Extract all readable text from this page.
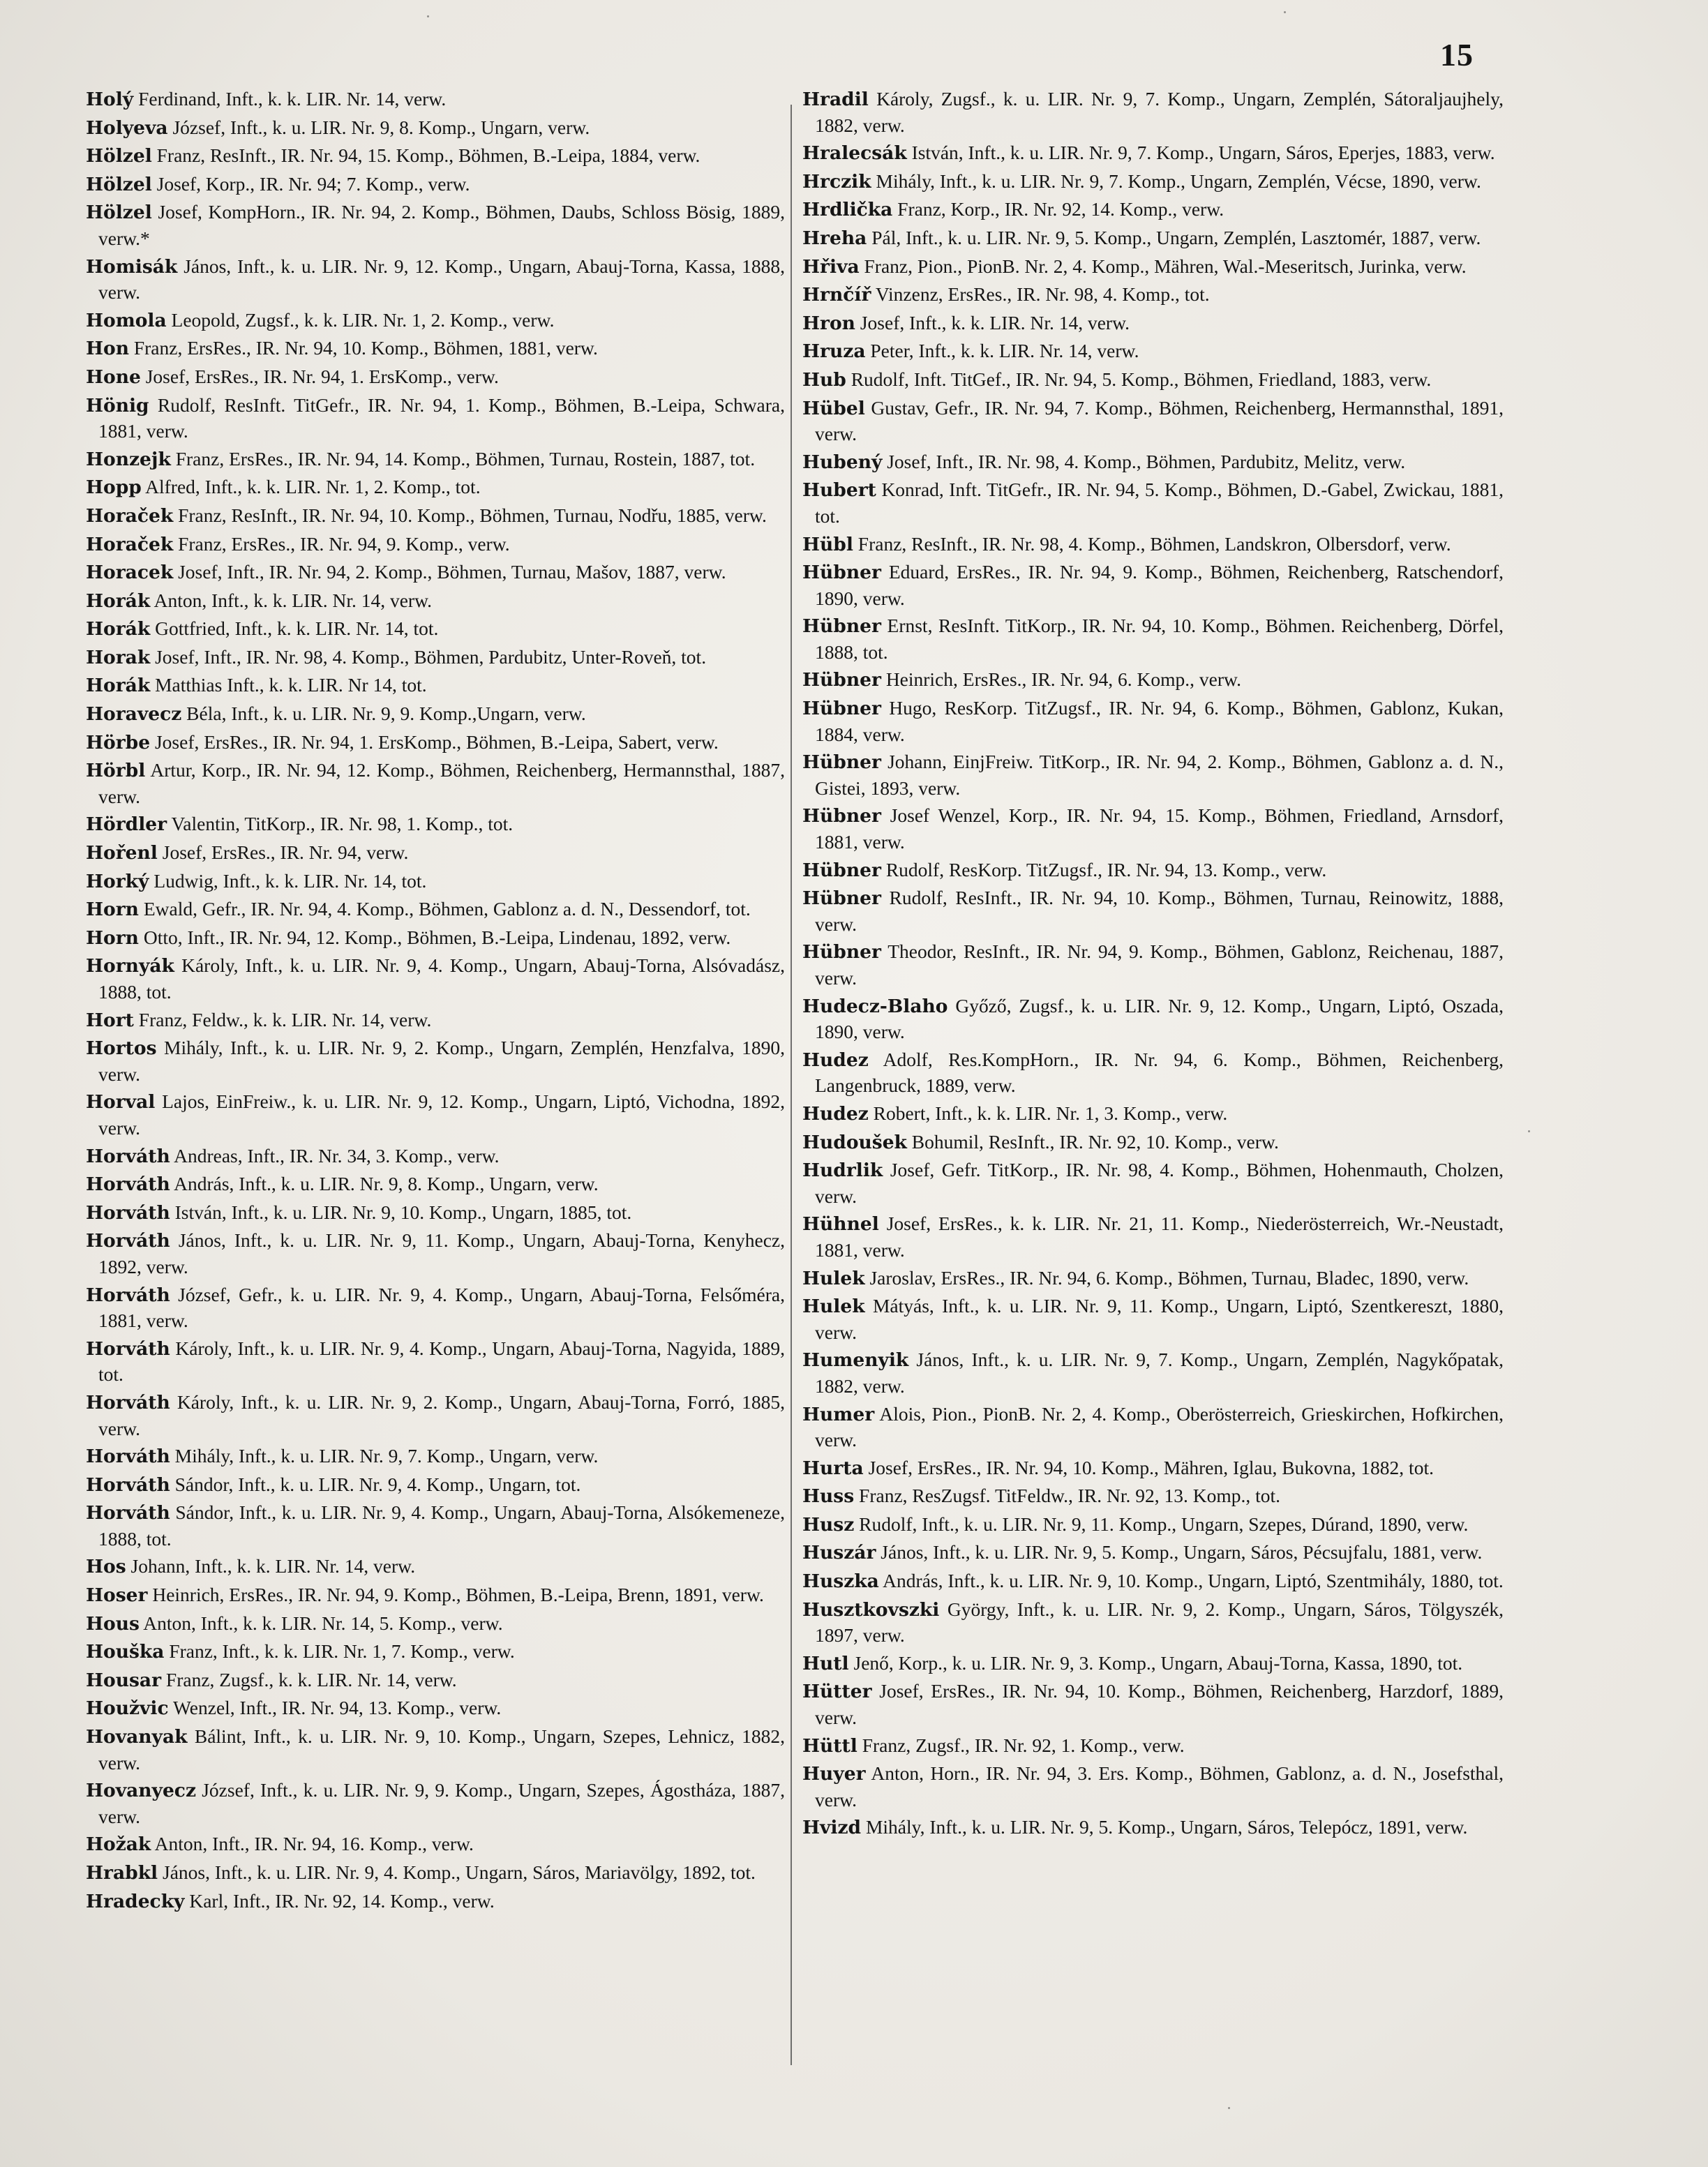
15
Holý Ferdinand, Inft., k. k. LIR. Nr. 14, verw.
Holyeva József, Inft., k. u. LIR. Nr. 9, 8. Komp., Ungarn, verw.
Hölzel Franz, ResInft., IR. Nr. 94, 15. Komp., Böhmen, B.-Leipa, 1884, verw.
Hölzel Josef, Korp., IR. Nr. 94; 7. Komp., verw.
Hölzel Josef, KompHorn., IR. Nr. 94, 2. Komp., Böhmen, Daubs, Schloss Bösig, 1889, verw.*
Homisák János, Inft., k. u. LIR. Nr. 9, 12. Komp., Ungarn, Abauj-Torna, Kassa, 1888, verw.
Homola Leopold, Zugsf., k. k. LIR. Nr. 1, 2. Komp., verw.
Hon Franz, ErsRes., IR. Nr. 94, 10. Komp., Böhmen, 1881, verw.
Hone Josef, ErsRes., IR. Nr. 94, 1. ErsKomp., verw.
Hönig Rudolf, ResInft. TitGefr., IR. Nr. 94, 1. Komp., Böhmen, B.-Leipa, Schwara, 1881, verw.
Honzejk Franz, ErsRes., IR. Nr. 94, 14. Komp., Böhmen, Turnau, Rostein, 1887, tot.
Hopp Alfred, Inft., k. k. LIR. Nr. 1, 2. Komp., tot.
Horaček Franz, ResInft., IR. Nr. 94, 10. Komp., Böhmen, Turnau, Nodřu, 1885, verw.
Horaček Franz, ErsRes., IR. Nr. 94, 9. Komp., verw.
Horacek Josef, Inft., IR. Nr. 94, 2. Komp., Böhmen, Turnau, Mašov, 1887, verw.
Horák Anton, Inft., k. k. LIR. Nr. 14, verw.
Horák Gottfried, Inft., k. k. LIR. Nr. 14, tot.
Horak Josef, Inft., IR. Nr. 98, 4. Komp., Böhmen, Pardubitz, Unter-Roveň, tot.
Horák Matthias Inft., k. k. LIR. Nr 14, tot.
Horavecz Béla, Inft., k. u. LIR. Nr. 9, 9. Komp.,Ungarn, verw.
Hörbe Josef, ErsRes., IR. Nr. 94, 1. ErsKomp., Böhmen, B.-Leipa, Sabert, verw.
Hörbl Artur, Korp., IR. Nr. 94, 12. Komp., Böhmen, Reichenberg, Hermannsthal, 1887, verw.
Hördler Valentin, TitKorp., IR. Nr. 98, 1. Komp., tot.
Hořenl Josef, ErsRes., IR. Nr. 94, verw.
Horký Ludwig, Inft., k. k. LIR. Nr. 14, tot.
Horn Ewald, Gefr., IR. Nr. 94, 4. Komp., Böhmen, Gablonz a. d. N., Dessendorf, tot.
Horn Otto, Inft., IR. Nr. 94, 12. Komp., Böhmen, B.-Leipa, Lindenau, 1892, verw.
Hornyák Károly, Inft., k. u. LIR. Nr. 9, 4. Komp., Ungarn, Abauj-Torna, Alsóvadász, 1888, tot.
Hort Franz, Feldw., k. k. LIR. Nr. 14, verw.
Hortos Mihály, Inft., k. u. LIR. Nr. 9, 2. Komp., Ungarn, Zemplén, Henzfalva, 1890, verw.
Horval Lajos, EinFreiw., k. u. LIR. Nr. 9, 12. Komp., Ungarn, Liptó, Vichodna, 1892, verw.
Horváth Andreas, Inft., IR. Nr. 34, 3. Komp., verw.
Horváth András, Inft., k. u. LIR. Nr. 9, 8. Komp., Ungarn, verw.
Horváth István, Inft., k. u. LIR. Nr. 9, 10. Komp., Ungarn, 1885, tot.
Horváth János, Inft., k. u. LIR. Nr. 9, 11. Komp., Ungarn, Abauj-Torna, Kenyhecz, 1892, verw.
Horváth József, Gefr., k. u. LIR. Nr. 9, 4. Komp., Ungarn, Abauj-Torna, Felsőméra, 1881, verw.
Horváth Károly, Inft., k. u. LIR. Nr. 9, 4. Komp., Ungarn, Abauj-Torna, Nagyida, 1889, tot.
Horváth Károly, Inft., k. u. LIR. Nr. 9, 2. Komp., Ungarn, Abauj-Torna, Forró, 1885, verw.
Horváth Mihály, Inft., k. u. LIR. Nr. 9, 7. Komp., Ungarn, verw.
Horváth Sándor, Inft., k. u. LIR. Nr. 9, 4. Komp., Ungarn, tot.
Horváth Sándor, Inft., k. u. LIR. Nr. 9, 4. Komp., Ungarn, Abauj-Torna, Alsókemeneze, 1888, tot.
Hos Johann, Inft., k. k. LIR. Nr. 14, verw.
Hoser Heinrich, ErsRes., IR. Nr. 94, 9. Komp., Böhmen, B.-Leipa, Brenn, 1891, verw.
Hous Anton, Inft., k. k. LIR. Nr. 14, 5. Komp., verw.
Houška Franz, Inft., k. k. LIR. Nr. 1, 7. Komp., verw.
Housar Franz, Zugsf., k. k. LIR. Nr. 14, verw.
Houžvic Wenzel, Inft., IR. Nr. 94, 13. Komp., verw.
Hovanyak Bálint, Inft., k. u. LIR. Nr. 9, 10. Komp., Ungarn, Szepes, Lehnicz, 1882, verw.
Hovanyecz József, Inft., k. u. LIR. Nr. 9, 9. Komp., Ungarn, Szepes, Ágostháza, 1887, verw.
Hožak Anton, Inft., IR. Nr. 94, 16. Komp., verw.
Hrabkl János, Inft., k. u. LIR. Nr. 9, 4. Komp., Ungarn, Sáros, Mariavölgy, 1892, tot.
Hradecky Karl, Inft., IR. Nr. 92, 14. Komp., verw.
Hradil Károly, Zugsf., k. u. LIR. Nr. 9, 7. Komp., Ungarn, Zemplén, Sátoraljaujhely, 1882, verw.
Hralecsák István, Inft., k. u. LIR. Nr. 9, 7. Komp., Ungarn, Sáros, Eperjes, 1883, verw.
Hrczik Mihály, Inft., k. u. LIR. Nr. 9, 7. Komp., Ungarn, Zemplén, Vécse, 1890, verw.
Hrdlička Franz, Korp., IR. Nr. 92, 14. Komp., verw.
Hreha Pál, Inft., k. u. LIR. Nr. 9, 5. Komp., Ungarn, Zemplén, Lasztomér, 1887, verw.
Hřiva Franz, Pion., PionB. Nr. 2, 4. Komp., Mähren, Wal.-Meseritsch, Jurinka, verw.
Hrnčíř Vinzenz, ErsRes., IR. Nr. 98, 4. Komp., tot.
Hron Josef, Inft., k. k. LIR. Nr. 14, verw.
Hruza Peter, Inft., k. k. LIR. Nr. 14, verw.
Hub Rudolf, Inft. TitGef., IR. Nr. 94, 5. Komp., Böhmen, Friedland, 1883, verw.
Hübel Gustav, Gefr., IR. Nr. 94, 7. Komp., Böhmen, Reichenberg, Hermannsthal, 1891, verw.
Hubený Josef, Inft., IR. Nr. 98, 4. Komp., Böhmen, Pardubitz, Melitz, verw.
Hubert Konrad, Inft. TitGefr., IR. Nr. 94, 5. Komp., Böhmen, D.-Gabel, Zwickau, 1881, tot.
Hübl Franz, ResInft., IR. Nr. 98, 4. Komp., Böhmen, Landskron, Olbersdorf, verw.
Hübner Eduard, ErsRes., IR. Nr. 94, 9. Komp., Böhmen, Reichenberg, Ratschendorf, 1890, verw.
Hübner Ernst, ResInft. TitKorp., IR. Nr. 94, 10. Komp., Böhmen. Reichenberg, Dörfel, 1888, tot.
Hübner Heinrich, ErsRes., IR. Nr. 94, 6. Komp., verw.
Hübner Hugo, ResKorp. TitZugsf., IR. Nr. 94, 6. Komp., Böhmen, Gablonz, Kukan, 1884, verw.
Hübner Johann, EinjFreiw. TitKorp., IR. Nr. 94, 2. Komp., Böhmen, Gablonz a. d. N., Gistei, 1893, verw.
Hübner Josef Wenzel, Korp., IR. Nr. 94, 15. Komp., Böhmen, Friedland, Arnsdorf, 1881, verw.
Hübner Rudolf, ResKorp. TitZugsf., IR. Nr. 94, 13. Komp., verw.
Hübner Rudolf, ResInft., IR. Nr. 94, 10. Komp., Böhmen, Turnau, Reinowitz, 1888, verw.
Hübner Theodor, ResInft., IR. Nr. 94, 9. Komp., Böhmen, Gablonz, Reichenau, 1887, verw.
Hudecz-Blaho Győző, Zugsf., k. u. LIR. Nr. 9, 12. Komp., Ungarn, Liptó, Oszada, 1890, verw.
Hudez Adolf, Res.KompHorn., IR. Nr. 94, 6. Komp., Böhmen, Reichenberg, Langenbruck, 1889, verw.
Hudez Robert, Inft., k. k. LIR. Nr. 1, 3. Komp., verw.
Hudoušek Bohumil, ResInft., IR. Nr. 92, 10. Komp., verw.
Hudrlik Josef, Gefr. TitKorp., IR. Nr. 98, 4. Komp., Böhmen, Hohenmauth, Cholzen, verw.
Hühnel Josef, ErsRes., k. k. LIR. Nr. 21, 11. Komp., Niederösterreich, Wr.-Neustadt, 1881, verw.
Hulek Jaroslav, ErsRes., IR. Nr. 94, 6. Komp., Böhmen, Turnau, Bladec, 1890, verw.
Hulek Mátyás, Inft., k. u. LIR. Nr. 9, 11. Komp., Ungarn, Liptó, Szentkereszt, 1880, verw.
Humenyik János, Inft., k. u. LIR. Nr. 9, 7. Komp., Ungarn, Zemplén, Nagykőpatak, 1882, verw.
Humer Alois, Pion., PionB. Nr. 2, 4. Komp., Oberösterreich, Grieskirchen, Hofkirchen, verw.
Hurta Josef, ErsRes., IR. Nr. 94, 10. Komp., Mähren, Iglau, Bukovna, 1882, tot.
Huss Franz, ResZugsf. TitFeldw., IR. Nr. 92, 13. Komp., tot.
Husz Rudolf, Inft., k. u. LIR. Nr. 9, 11. Komp., Ungarn, Szepes, Dúrand, 1890, verw.
Huszár János, Inft., k. u. LIR. Nr. 9, 5. Komp., Ungarn, Sáros, Pécsujfalu, 1881, verw.
Huszka András, Inft., k. u. LIR. Nr. 9, 10. Komp., Ungarn, Liptó, Szentmihály, 1880, tot.
Husztkovszki György, Inft., k. u. LIR. Nr. 9, 2. Komp., Ungarn, Sáros, Tölgyszék, 1897, verw.
Hutl Jenő, Korp., k. u. LIR. Nr. 9, 3. Komp., Ungarn, Abauj-Torna, Kassa, 1890, tot.
Hütter Josef, ErsRes., IR. Nr. 94, 10. Komp., Böhmen, Reichenberg, Harzdorf, 1889, verw.
Hüttl Franz, Zugsf., IR. Nr. 92, 1. Komp., verw.
Huyer Anton, Horn., IR. Nr. 94, 3. Ers. Komp., Böhmen, Gablonz, a. d. N., Josefsthal, verw.
Hvizd Mihály, Inft., k. u. LIR. Nr. 9, 5. Komp., Ungarn, Sáros, Telepócz, 1891, verw.
